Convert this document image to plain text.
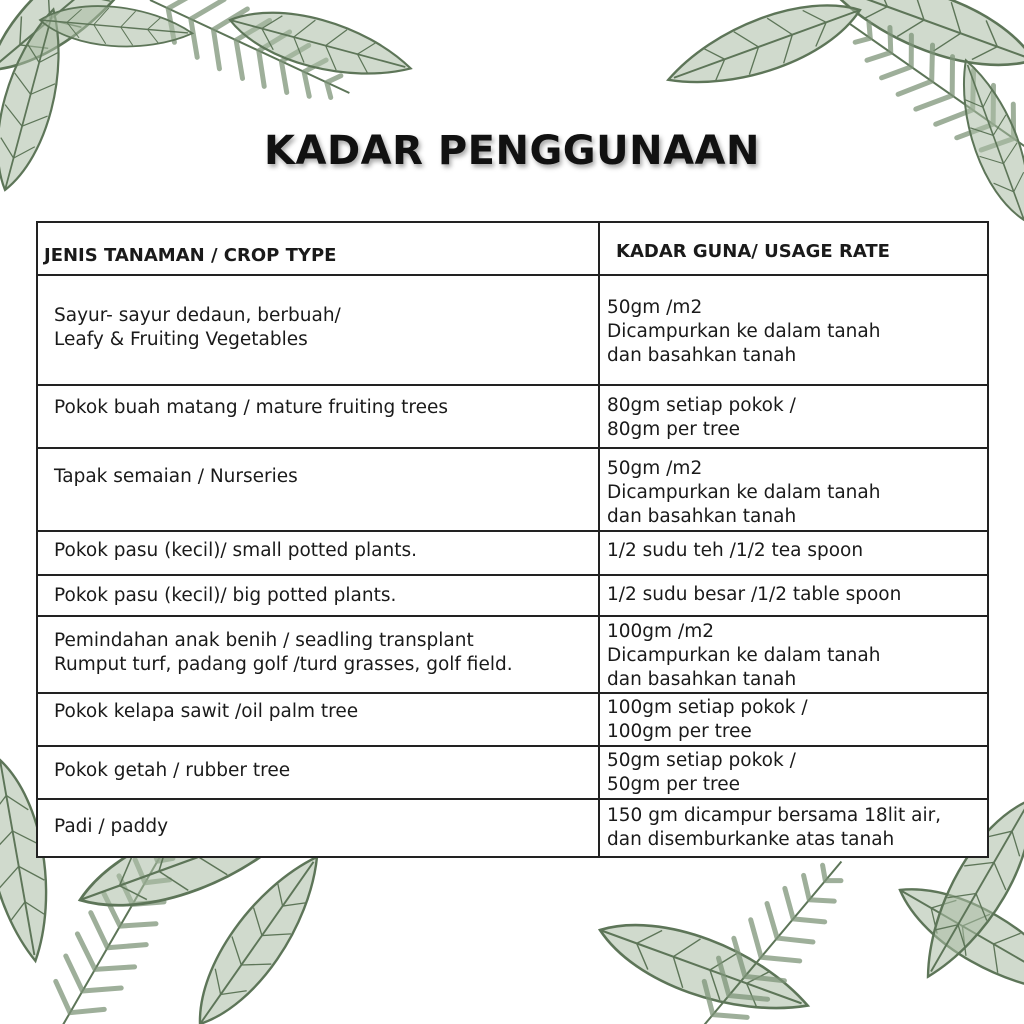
KADAR PENGGUNAAN
JENIS TANAMAN / CROP TYPE	KADAR GUNA/ USAGE RATE

Sayur- sayur dedaun, berbuah/
Leafy & Fruiting Vegetables	50gm /m2
Dicampurkan ke dalam tanah
dan basahkan tanah

Pokok buah matang / mature fruiting trees	80gm setiap pokok /
80gm per tree

Tapak semaian / Nurseries	50gm /m2
Dicampurkan ke dalam tanah
dan basahkan tanah

Pokok pasu (kecil)/ small potted plants.	1/2 sudu teh /1/2 tea spoon

Pokok pasu (kecil)/ big potted plants.	1/2 sudu besar /1/2 table spoon

Pemindahan anak benih / seadling transplant
Rumput turf, padang golf /turd grasses, golf field.	100gm /m2
Dicampurkan ke dalam tanah
dan basahkan tanah

Pokok kelapa sawit /oil palm tree	100gm setiap pokok /
100gm per tree

Pokok getah / rubber tree	50gm setiap pokok /
50gm per tree

Padi / paddy	150 gm dicampur bersama 18lit air,
dan disemburkanke atas tanah
